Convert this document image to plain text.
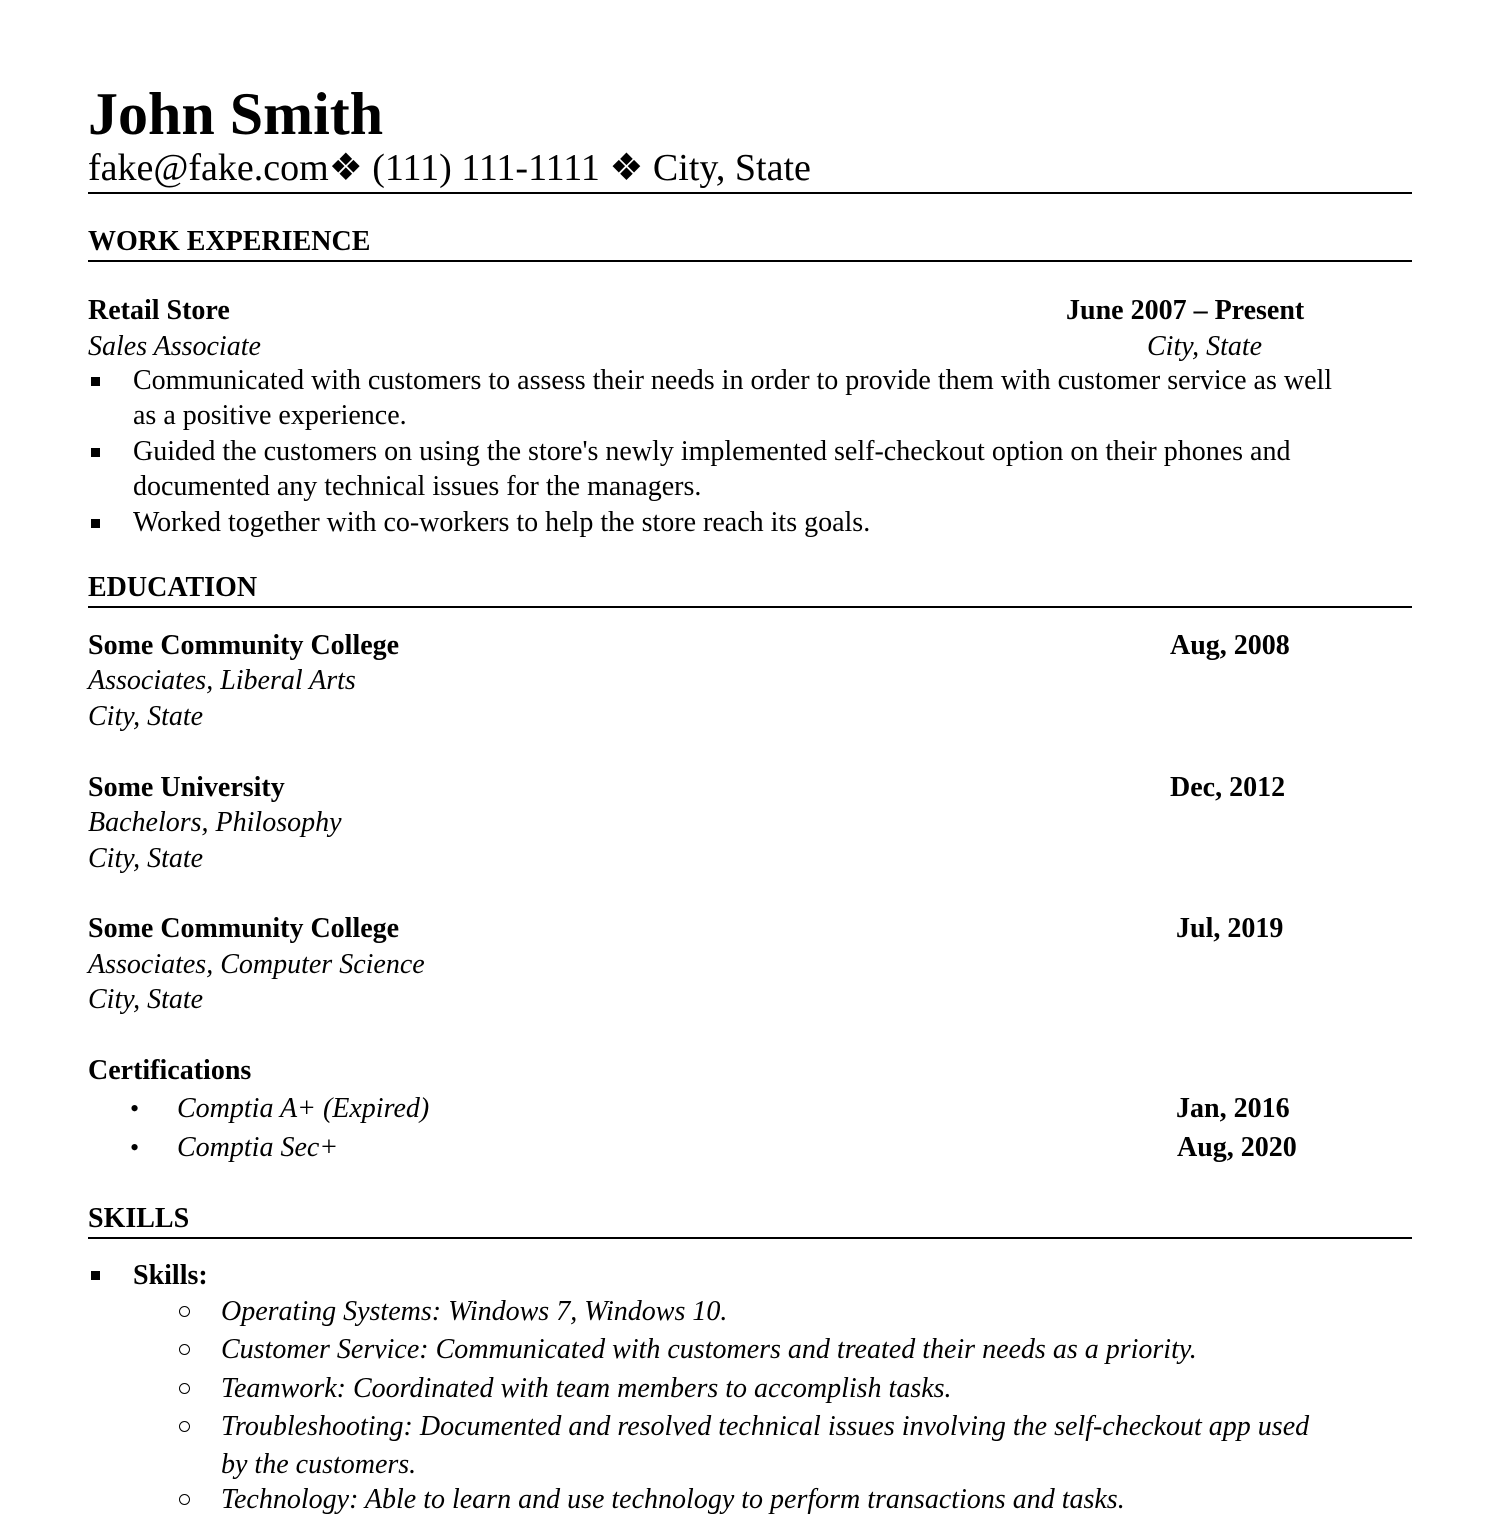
John Smith
fake@fake.com❖ (111) 111-1111 ❖ City, State
WORK EXPERIENCE
Retail Store	June 2007 – Present
Sales Associate	City, State
Communicated with customers to assess their needs in order to provide them with customer service as well
as a positive experience.
Guided the customers on using the store's newly implemented self-checkout option on their phones and
documented any technical issues for the managers.
Worked together with co-workers to help the store reach its goals.
EDUCATION
Some Community College	Aug, 2008
Associates, Liberal Arts
City, State
Some University	Dec, 2012
Bachelors, Philosophy
City, State
Some Community College	Jul, 2019
Associates, Computer Science
City, State
Certifications
• Comptia A+ (Expired)	Jan, 2016
• Comptia Sec+	Aug, 2020
SKILLS
Skills:
Operating Systems: Windows 7, Windows 10.
Customer Service: Communicated with customers and treated their needs as a priority.
Teamwork: Coordinated with team members to accomplish tasks.
Troubleshooting: Documented and resolved technical issues involving the self-checkout app used
by the customers.
Technology: Able to learn and use technology to perform transactions and tasks.
